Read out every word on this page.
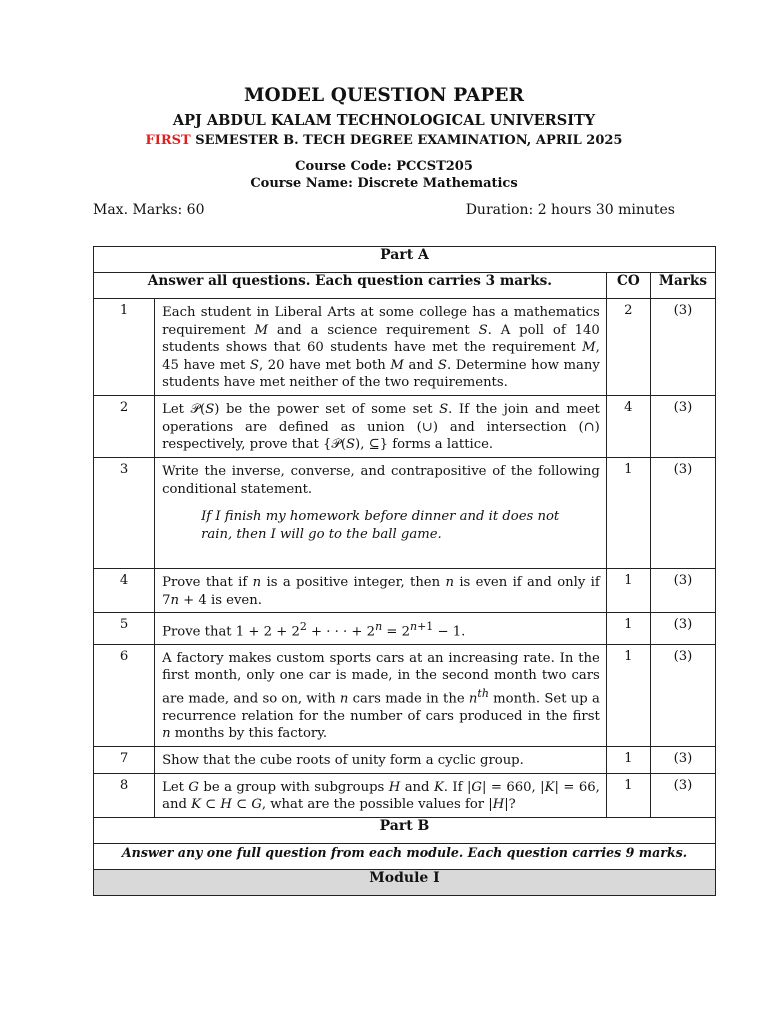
MODEL QUESTION PAPER
APJ ABDUL KALAM TECHNOLOGICAL UNIVERSITY
FIRST SEMESTER B. TECH DEGREE EXAMINATION, APRIL 2025
Course Code: PCCST205
Course Name: Discrete Mathematics
Max. Marks: 60	Duration: 2 hours 30 minutes
Part A			
Answer all questions. Each question carries 3 marks.		CO	Marks
1	Each student in Liberal Arts at some college has a mathematics requirement M and a science requirement S. A poll of 140 students shows that 60 students have met the requirement M, 45 have met S, 20 have met both M and S. Determine how many students have met neither of the two requirements.	2	(3)
2	Let 𝒫(S) be the power set of some set S. If the join and meet operations are defined as union (∪) and intersection (∩) respectively, prove that {𝒫(S), ⊆} forms a lattice.	4	(3)
3	Write the inverse, converse, and contrapositive of the following conditional statement.
If I finish my homework before dinner and it does not rain, then I will go to the ball game.	1	(3)
4	Prove that if n is a positive integer, then n is even if and only if 7n + 4 is even.	1	(3)
5	Prove that $1 + 2 + 2^2$ + · · · + $2^n = 2^{n+1} - 1$.	1	(3)
6	A factory makes custom sports cars at an increasing rate. In the first month, only one car is made, in the second month two cars are made, and so on, with n cars made in the $n^{th}$ month. Set up a recurrence relation for the number of cars produced in the first n months by this factory.	1	(3)
7	Show that the cube roots of unity form a cyclic group.	1	(3)
8	Let G be a group with subgroups H and K. If |G| = 660, |K| = 66, and K ⊂ H ⊂ G, what are the possible values for |H|?	1	(3)
Part B			
Answer any one full question from each module. Each question carries 9 marks.			
Module I			
